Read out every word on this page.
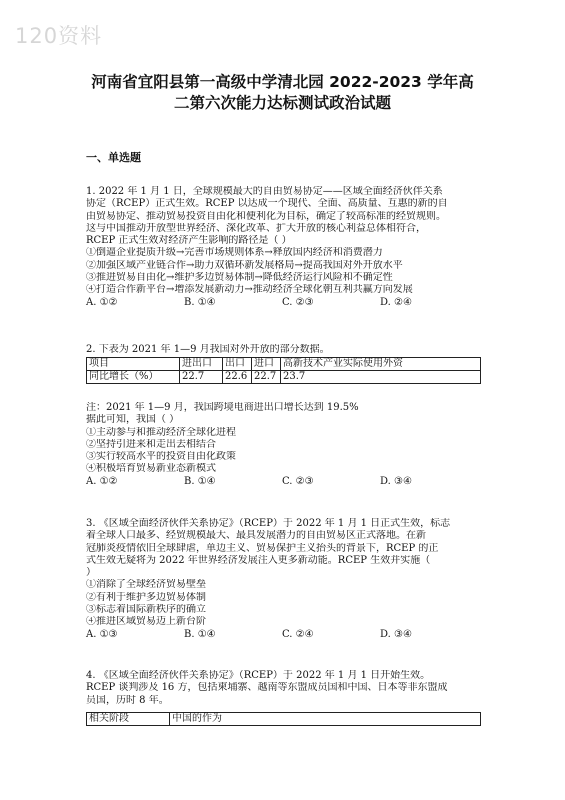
120资料
河南省宜阳县第一高级中学清北园 2022-2023 学年高
二第六次能力达标测试政治试题
一、单选题
1. 2022 年 1 月 1 日，全球规模最大的自由贸易协定——区域全面经济伙伴关系
协定（RCEP）正式生效。RCEP 以达成一个现代、全面、高质量、互惠的新的自
由贸易协定、推动贸易投资自由化和便利化为目标，确定了较高标准的经贸规则。
这与中国推动开放型世界经济、深化改革、扩大开放的核心利益总体相符合，
RCEP 正式生效对经济产生影响的路径是（ ）
①倒逼企业提质升级→完善市场规则体系→释放国内经济和消费潜力
②加强区域产业链合作→助力双循环新发展格局→提高我国对外开放水平
③推进贸易自由化→维护多边贸易体制→降低经济运行风险和不确定性
④打造合作新平台→增添发展新动力→推动经济全球化朝互利共赢方向发展
A. ①②	B. ①④	C. ②③	D. ②④
2. 下表为 2021 年 1—9 月我国对外开放的部分数据。
项目	进出口	出口	进口	高新技术产业实际使用外资
同比增长（%）	22.7	22.6	22.7	23.7
注：2021 年 1—9 月，我国跨境电商进出口增长达到 19.5%
据此可知，我国（ ）
①主动参与和推动经济全球化进程
②坚持引进来和走出去相结合
③实行较高水平的投资自由化政策
④积极培育贸易新业态新模式
A. ①②	B. ①④	C. ②③	D. ③④
3. 《区域全面经济伙伴关系协定》（RCEP）于 2022 年 1 月 1 日正式生效，标志
着全球人口最多、经贸规模最大、最具发展潜力的自由贸易区正式落地。在新
冠肺炎疫情依旧全球肆虐，单边主义、贸易保护主义抬头的背景下，RCEP 的正
式生效无疑将为 2022 年世界经济发展注入更多新动能。RCEP 生效并实施（
）
①消除了全球经济贸易壁垒
②有利于维护多边贸易体制
③标志着国际新秩序的确立
④推进区域贸易迈上新台阶
A. ①③	B. ①④	C. ②④	D. ③④
4. 《区域全面经济伙伴关系协定》（RCEP）于 2022 年 1 月 1 日开始生效。
RCEP 谈判涉及 16 方，包括柬埔寨、越南等东盟成员国和中国、日本等非东盟成
员国，历时 8 年。
相关阶段	中国的作为
